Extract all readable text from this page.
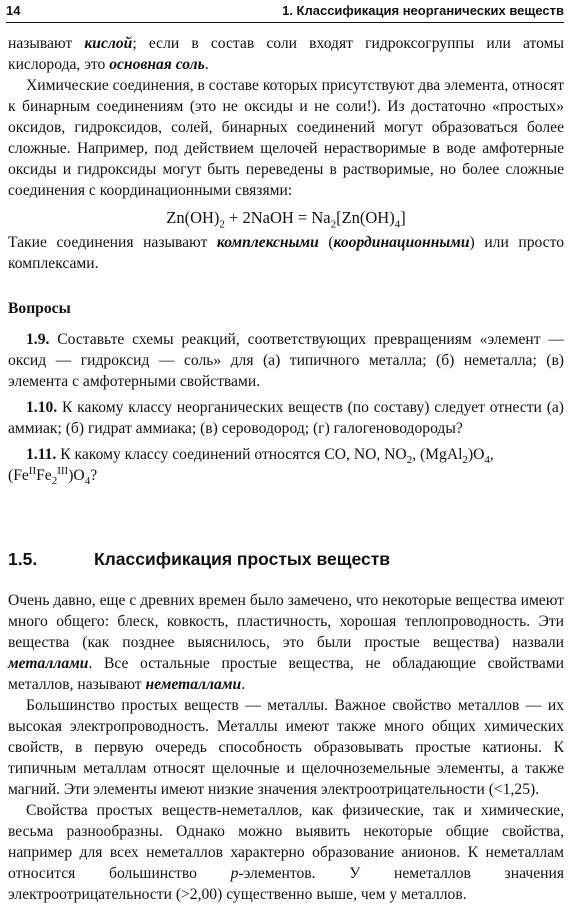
14	1. Классификация неорганических веществ

называют кислой; если в состав соли входят гидроксогруппы или атомы кислорода, это основная соль.

Химические соединения, в составе которых присутствуют два элемента, относят к бинарным соединениям (это не оксиды и не соли!). Из достаточно «простых» оксидов, гидроксидов, солей, бинарных соединений могут образоваться более сложные. Например, под действием щелочей нерастворимые в воде амфотерные оксиды и гидроксиды могут быть переведены в растворимые, но более сложные соединения с координационными связями:

$Zn(OH)_2$ + 2NaOH = $Na_2[Zn(OH)_4]$

Такие соединения называют комплексными (координационными) или просто комплексами.

Вопросы

1.9. Составьте схемы реакций, соответствующих превращениям «элемент — оксид — гидроксид — соль» для (а) типичного металла; (б) неметалла; (в) элемента с амфотерными свойствами.

1.10. К какому классу неорганических веществ (по составу) следует отнести (а) аммиак; (б) гидрат аммиака; (в) сероводород; (г) галогеноводороды?

1.11. К какому классу соединений относятся CO, NO, $NO_2$, $(MgAl_2)O_4$,
$(Fe^{II}Fe_2^{III})O_4$?

1.5.	Классификация простых веществ

Очень давно, еще с древних времен было замечено, что некоторые вещества имеют много общего: блеск, ковкость, пластичность, хорошая теплопроводность. Эти вещества (как позднее выяснилось, это были простые вещества) назвали металлами. Все остальные простые вещества, не обладающие свойствами металлов, называют неметаллами.

Большинство простых веществ — металлы. Важное свойство металлов — их высокая электропроводность. Металлы имеют также много общих химических свойств, в первую очередь способность образовывать простые катионы. К типичным металлам относят щелочные и щелочноземельные элементы, а также магний. Эти элементы имеют низкие значения электроотрицательности (<1,25).

Свойства простых веществ-неметаллов, как физические, так и химические, весьма разнообразны. Однако можно выявить некоторые общие свойства, например для всех неметаллов характерно образование анионов. К неметаллам относится большинство p-элементов. У неметаллов значения электроотрицательности (>2,00) существенно выше, чем у металлов.
